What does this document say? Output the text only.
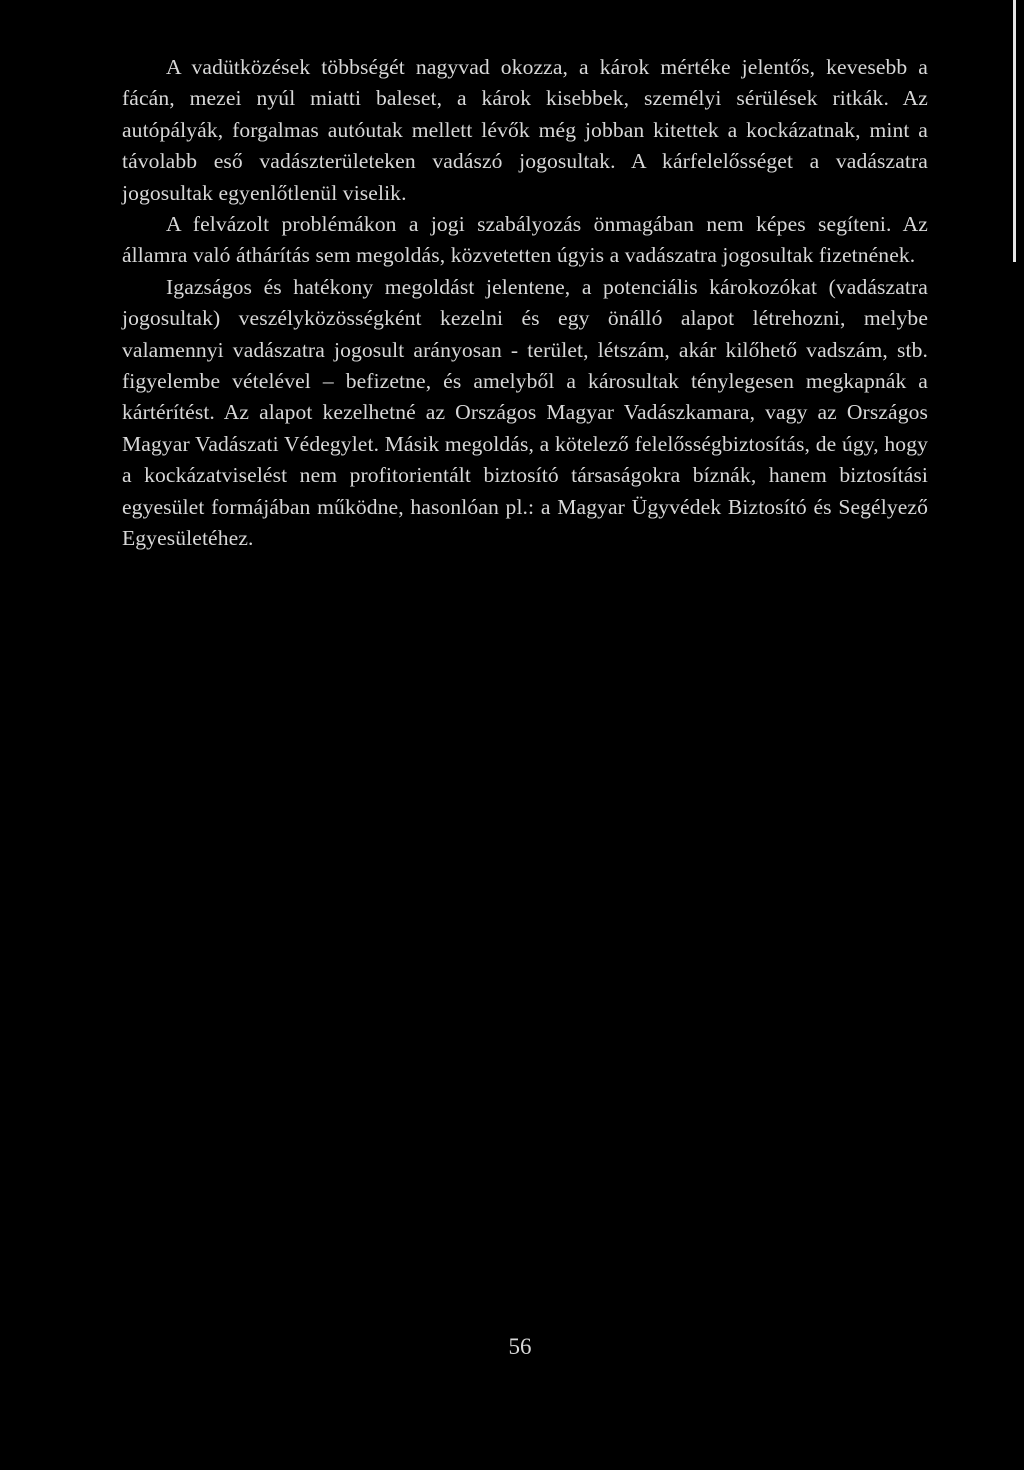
A vadütközések többségét nagyvad okozza, a károk mértéke jelentős, kevesebb a fácán, mezei nyúl miatti baleset, a károk kisebbek, személyi sérülések ritkák. Az autópályák, forgalmas autóutak mellett lévők még jobban kitettek a kockázatnak, mint a távolabb eső vadászterületeken vadászó jogosultak. A kárfelelősséget a vadászatra jogosultak egyenlőtlenül viselik.

A felvázolt problémákon a jogi szabályozás önmagában nem képes segíteni. Az államra való áthárítás sem megoldás, közvetetten úgyis a vadászatra jogosultak fizetnének.

Igazságos és hatékony megoldást jelentene, a potenciális károkozókat (vadászatra jogosultak) veszélyközösségként kezelni és egy önálló alapot létrehozni, melybe valamennyi vadászatra jogosult arányosan - terület, létszám, akár kilőhető vadszám, stb. figyelembe vételével – befizetne, és amelyből a károsultak ténylegesen megkapnák a kártérítést. Az alapot kezelhetné az Országos Magyar Vadászkamara, vagy az Országos Magyar Vadászati Védegylet. Másik megoldás, a kötelező felelősségbiztosítás, de úgy, hogy a kockázatviselést nem profitorientált biztosító társaságokra bíznák, hanem biztosítási egyesület formájában működne, hasonlóan pl.: a Magyar Ügyvédek Biztosító és Segélyező Egyesületéhez.

56
